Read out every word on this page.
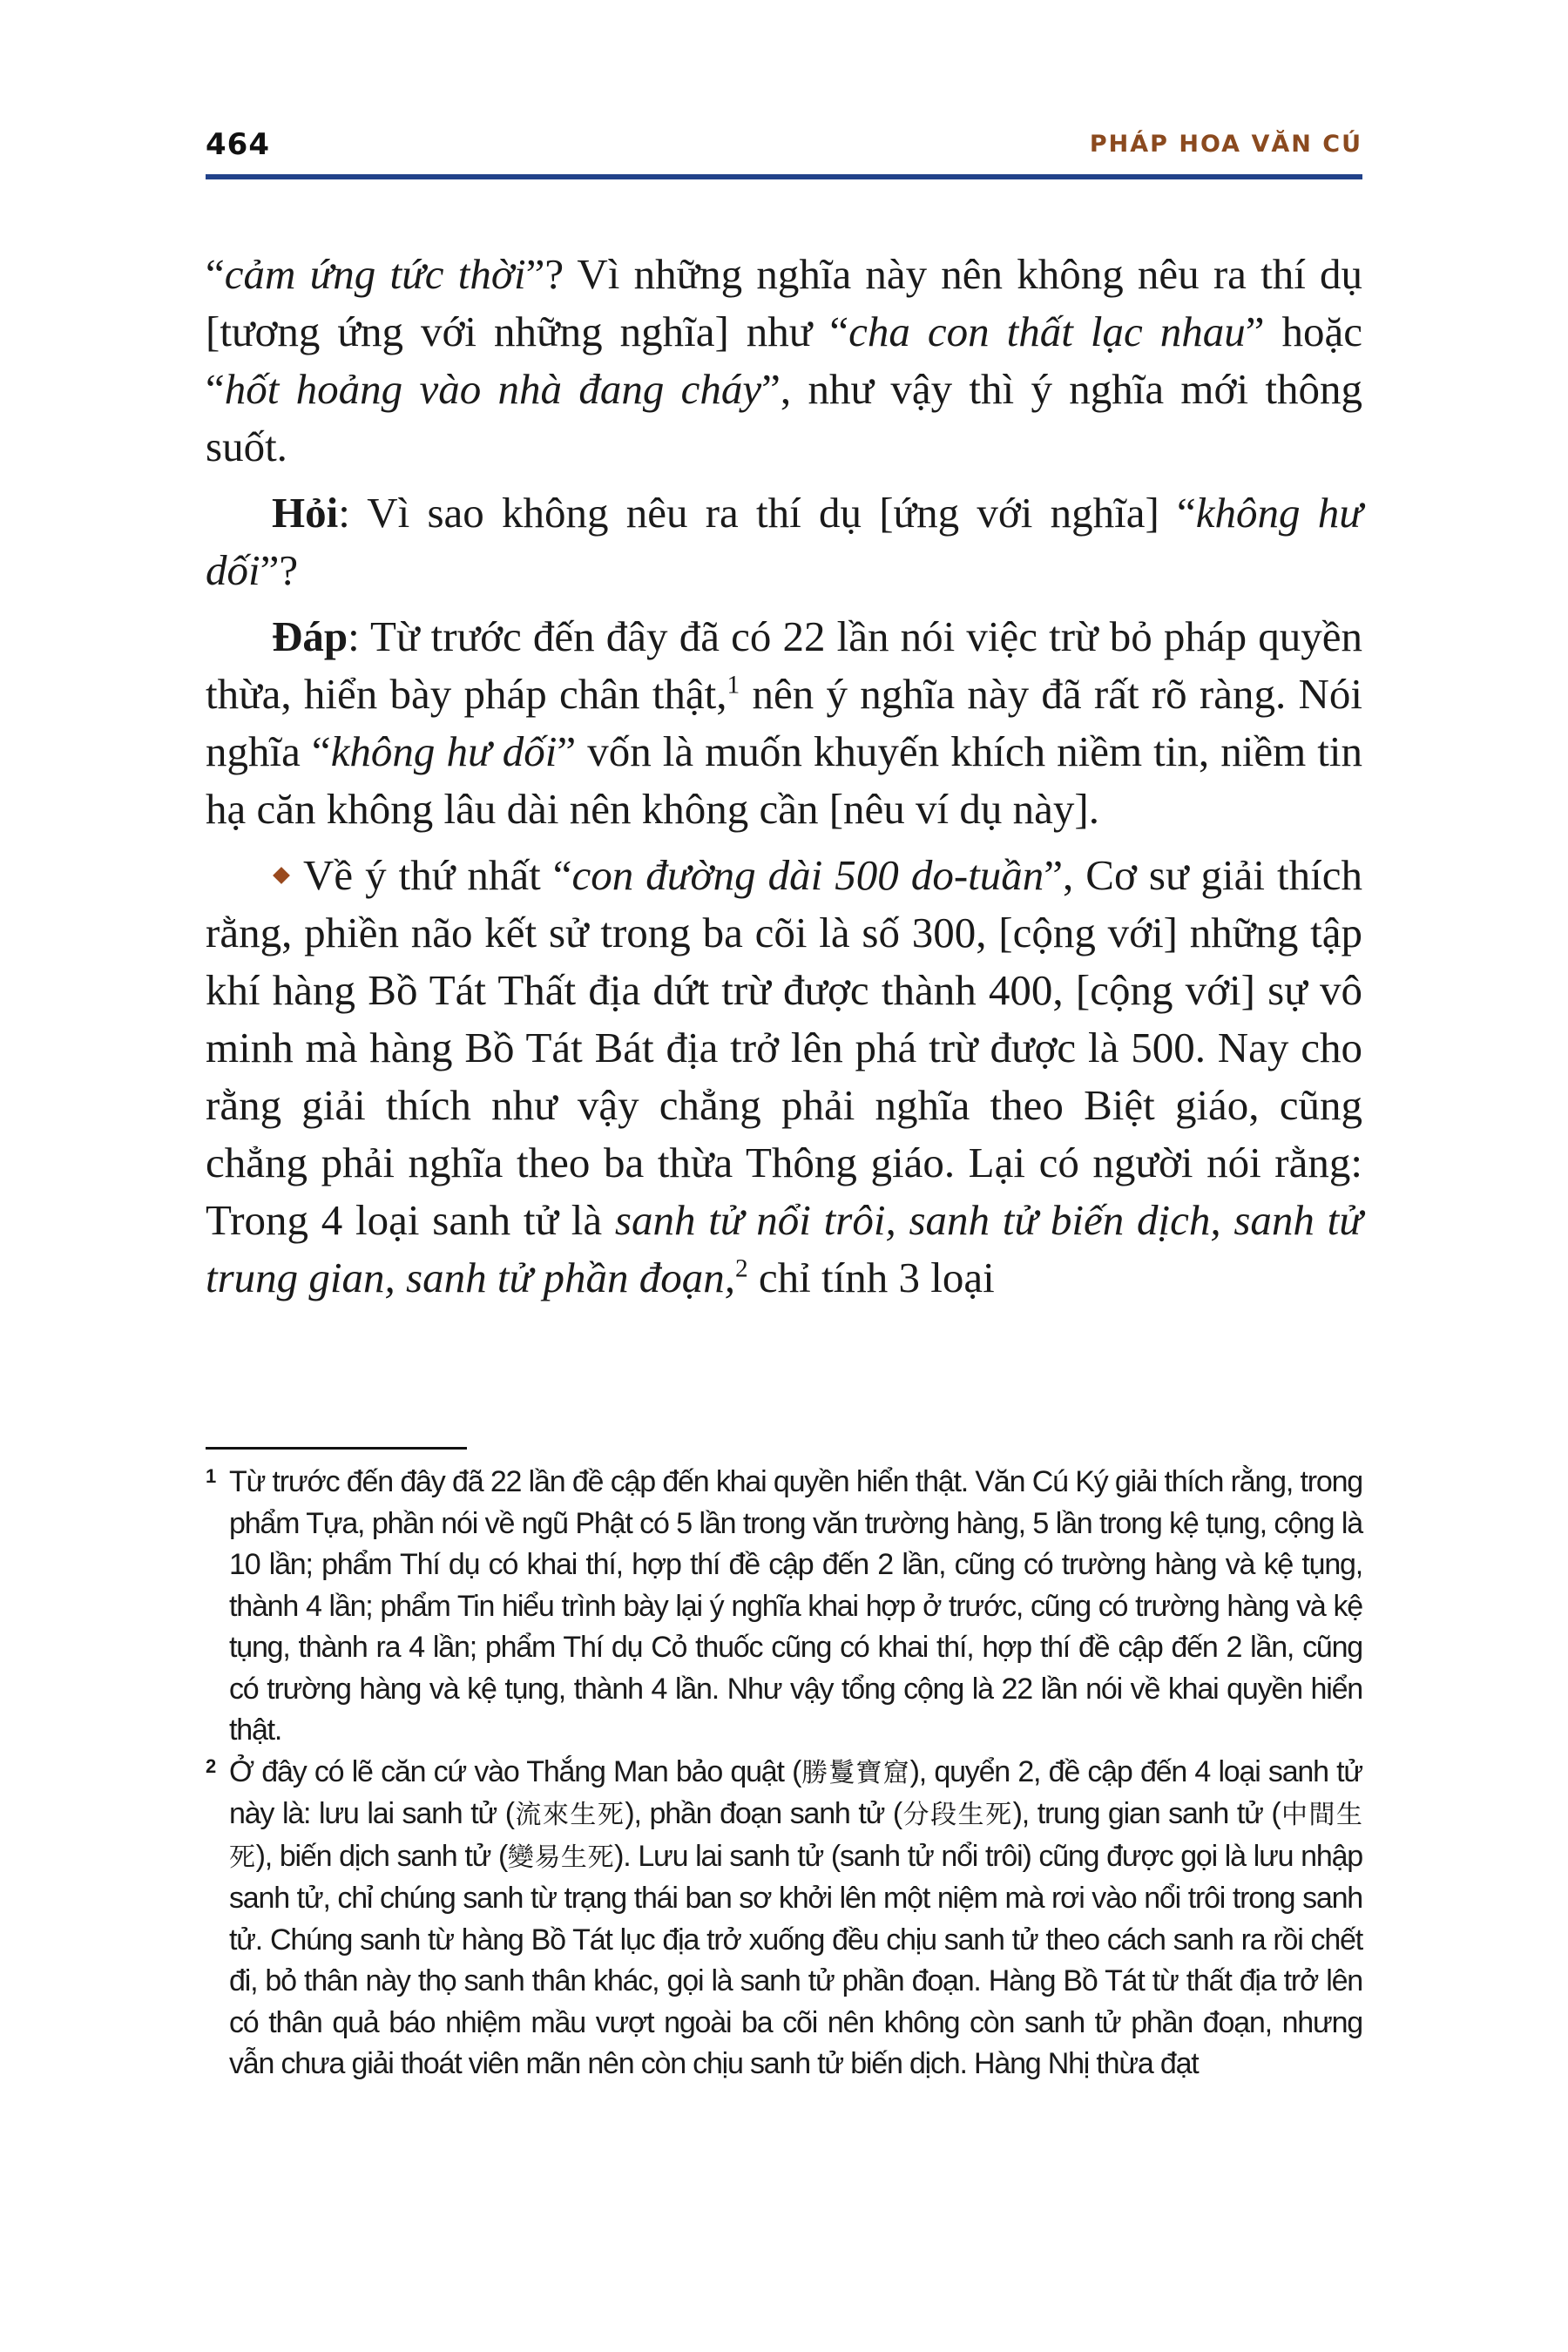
464	PHÁP HOA VĂN CÚ

“cảm ứng tức thời”? Vì những nghĩa này nên không nêu ra thí dụ [tương ứng với những nghĩa] như “cha con thất lạc nhau” hoặc “hốt hoảng vào nhà đang cháy”, như vậy thì ý nghĩa mới thông suốt.

Hỏi: Vì sao không nêu ra thí dụ [ứng với nghĩa] “không hư dối”?

Đáp: Từ trước đến đây đã có 22 lần nói việc trừ bỏ pháp quyền thừa, hiển bày pháp chân thật,$^1$ nên ý nghĩa này đã rất rõ ràng. Nói nghĩa “không hư dối” vốn là muốn khuyến khích niềm tin, niềm tin hạ căn không lâu dài nên không cần [nêu ví dụ này].

Về ý thứ nhất “con đường dài 500 do-tuần”, Cơ sư giải thích rằng, phiền não kết sử trong ba cõi là số 300, [cộng với] những tập khí hàng Bồ Tát Thất địa dứt trừ được thành 400, [cộng với] sự vô minh mà hàng Bồ Tát Bát địa trở lên phá trừ được là 500. Nay cho rằng giải thích như vậy chẳng phải nghĩa theo Biệt giáo, cũng chẳng phải nghĩa theo ba thừa Thông giáo. Lại có người nói rằng: Trong 4 loại sanh tử là sanh tử nổi trôi, sanh tử biến dịch, sanh tử trung gian, sanh tử phần đoạn,$^2$ chỉ tính 3 loại

1 Từ trước đến đây đã 22 lần đề cập đến khai quyền hiển thật. Văn Cú Ký giải thích rằng, trong phẩm Tựa, phần nói về ngũ Phật có 5 lần trong văn trường hàng, 5 lần trong kệ tụng, cộng là 10 lần; phẩm Thí dụ có khai thí, hợp thí đề cập đến 2 lần, cũng có trường hàng và kệ tụng, thành 4 lần; phẩm Tin hiểu trình bày lại ý nghĩa khai hợp ở trước, cũng có trường hàng và kệ tụng, thành ra 4 lần; phẩm Thí dụ Cỏ thuốc cũng có khai thí, hợp thí đề cập đến 2 lần, cũng có trường hàng và kệ tụng, thành 4 lần. Như vậy tổng cộng là 22 lần nói về khai quyền hiển thật.

2 Ở đây có lẽ căn cứ vào Thắng Man bảo quật (勝鬘寶窟), quyển 2, đề cập đến 4 loại sanh tử này là: lưu lai sanh tử (流來生死), phần đoạn sanh tử (分段生死), trung gian sanh tử (中間生死), biến dịch sanh tử (變易生死). Lưu lai sanh tử (sanh tử nổi trôi) cũng được gọi là lưu nhập sanh tử, chỉ chúng sanh từ trạng thái ban sơ khởi lên một niệm mà rơi vào nổi trôi trong sanh tử. Chúng sanh từ hàng Bồ Tát lục địa trở xuống đều chịu sanh tử theo cách sanh ra rồi chết đi, bỏ thân này thọ sanh thân khác, gọi là sanh tử phần đoạn. Hàng Bồ Tát từ thất địa trở lên có thân quả báo nhiệm mầu vượt ngoài ba cõi nên không còn sanh tử phần đoạn, nhưng vẫn chưa giải thoát viên mãn nên còn chịu sanh tử biến dịch. Hàng Nhị thừa đạt
